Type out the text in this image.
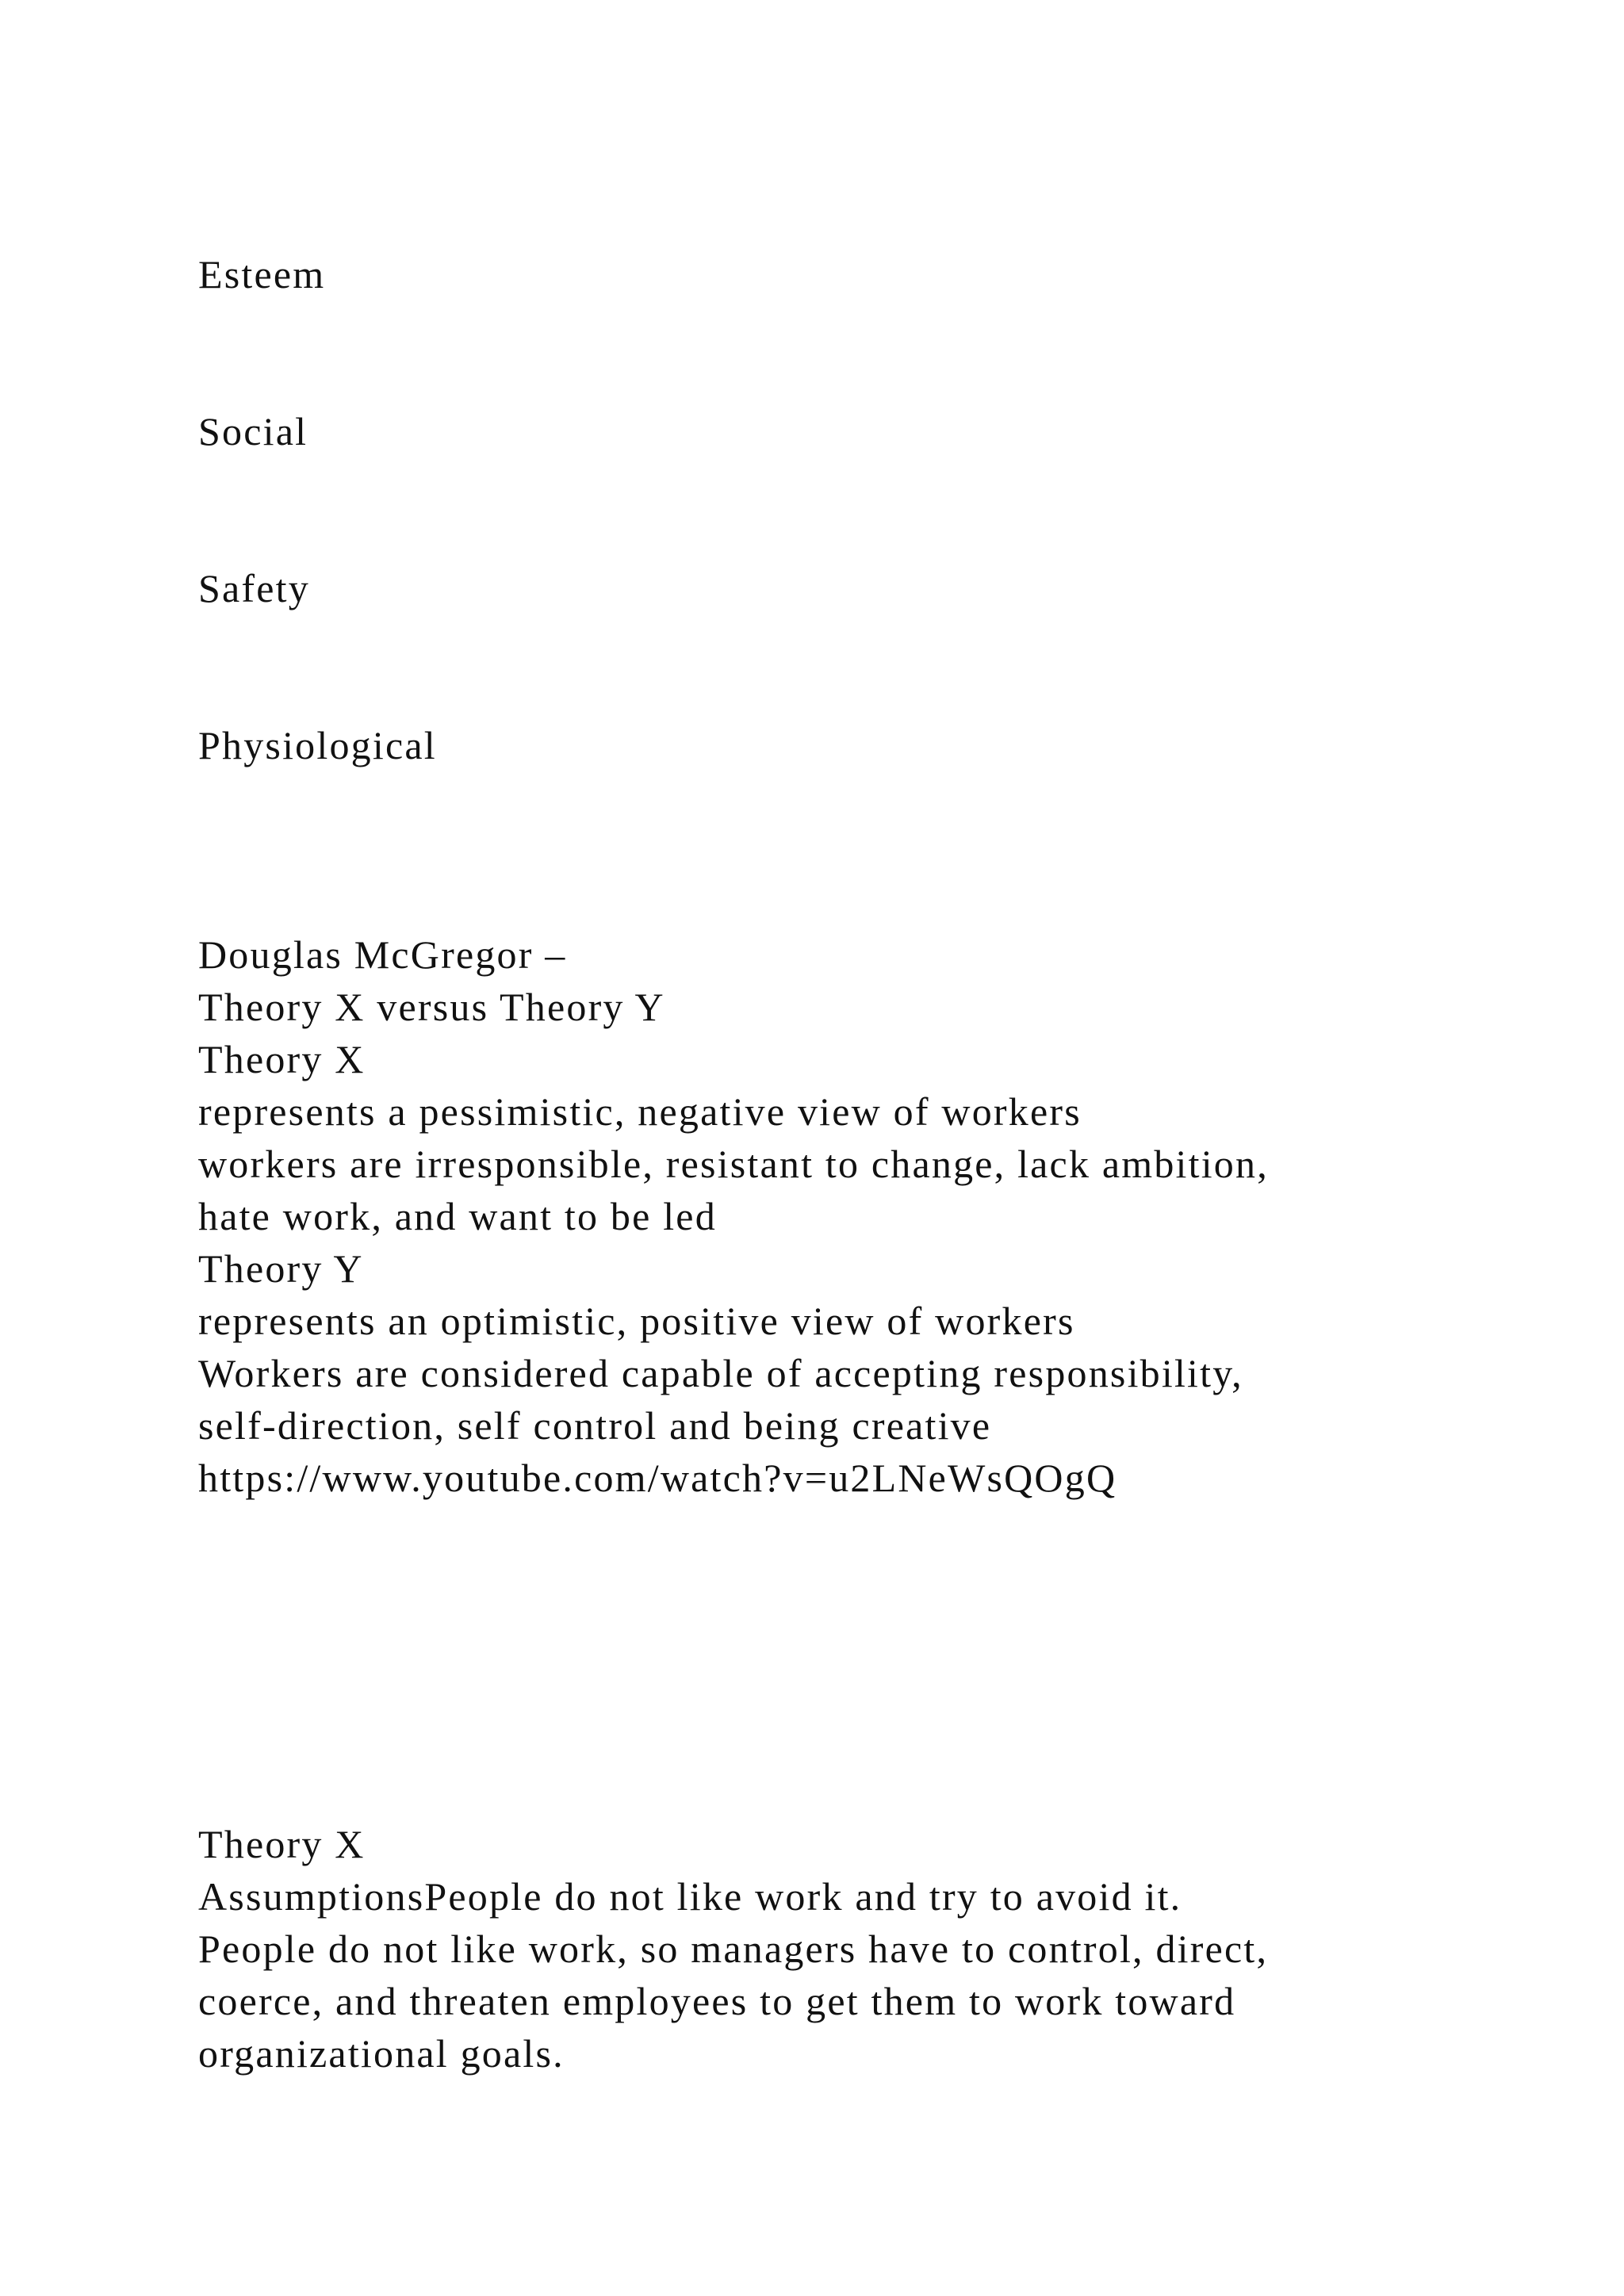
Esteem

Social

Safety

Physiological

Douglas McGregor –

Theory X versus Theory Y

Theory X

represents a pessimistic, negative view of workers

workers are irresponsible, resistant to change, lack ambition,

hate work, and want to be led

Theory Y

represents an optimistic, positive view of workers

Workers are considered capable of accepting responsibility,

self-direction, self control and being creative

https://www.youtube.com/watch?v=u2LNeWsQOgQ

Theory X

AssumptionsPeople do not like work and try to avoid it.

People do not like work, so managers have to control, direct,

coerce, and threaten employees to get them to work toward

organizational goals.
